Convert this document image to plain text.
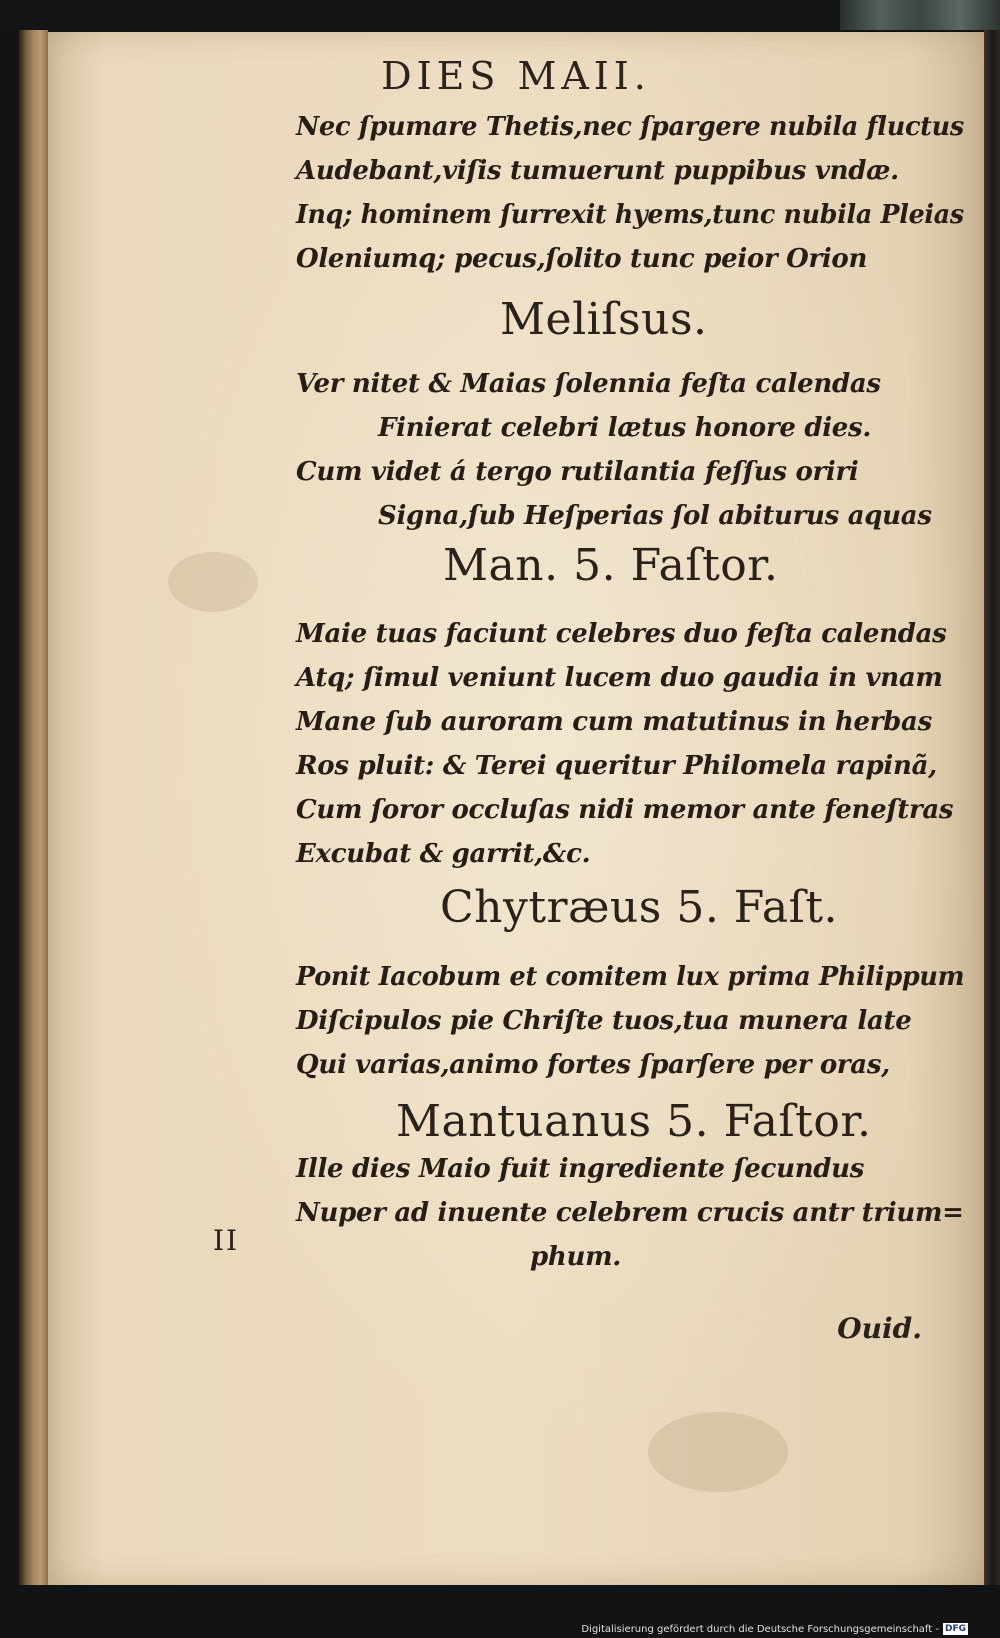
DIES MAII.

Nec ſpumare Thetis,nec ſpargere nubila fluctus

Audebant,viſis tumuerunt puppibus vndæ.

Inq; hominem ſurrexit hyems,tunc nubila Pleias

Oleniumq; pecus,ſolito tunc peior Orion

Meliſsus.

Ver nitet & Maias ſolennia feſta calendas

Finierat celebri lætus honore dies.

Cum videt á tergo rutilantia feſſus oriri

Signa,ſub Heſperias ſol abiturus aquas

Man. 5. Faſtor.

Maie tuas faciunt celebres duo feſta calendas

Atq; ſimul veniunt lucem duo gaudia in vnam

Mane ſub auroram cum matutinus in herbas

Ros pluit: & Terei queritur Philomela rapinã,

Cum ſoror occluſas nidi memor ante feneſtras

Excubat & garrit,&c.

Chytræus 5. Faſt.

Ponit Iacobum et comitem lux prima Philippum

Diſcipulos pie Chriſte tuos,tua munera late

Qui varias,animo fortes ſparſere per oras,

Mantuanus 5. Faſtor.

Ille dies Maio fuit ingrediente ſecundus

Nuper ad inuente celebrem crucis antr trium=

phum.

II
Ouid.
Digitalisierung gefördert durch die Deutsche Forschungsgemeinschaft - DFG
